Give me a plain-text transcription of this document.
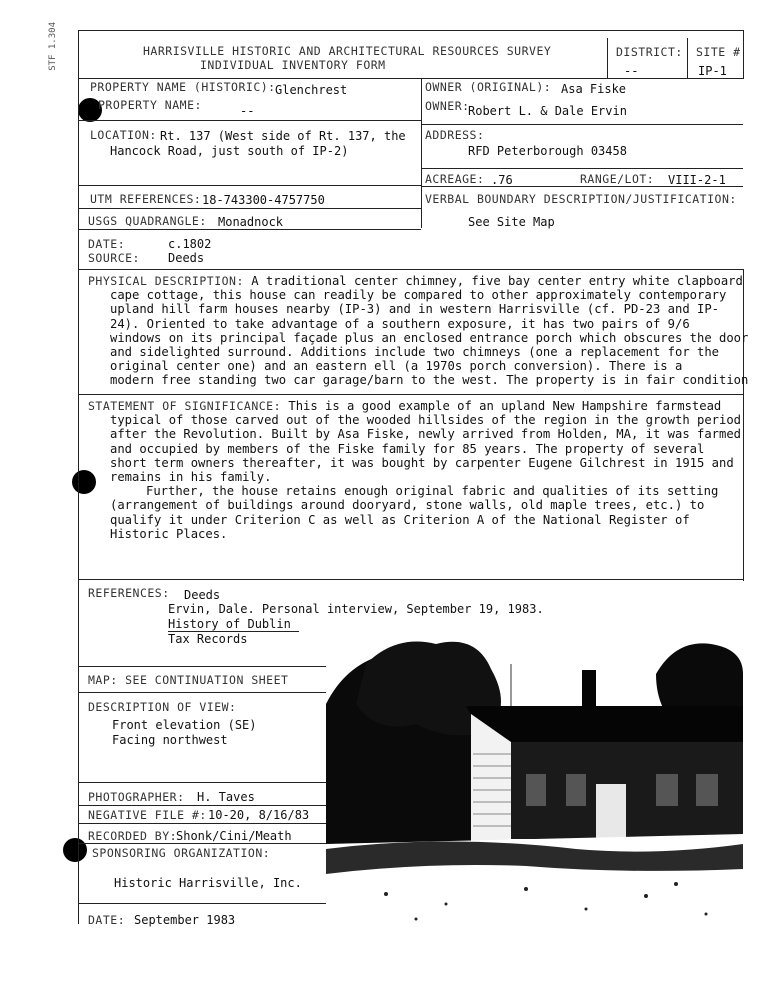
STF 1.304	HARRISVILLE HISTORIC AND ARCHITECTURAL RESOURCES SURVEY
INDIVIDUAL INVENTORY FORM
DISTRICT:
--
SITE #
IP-1
PROPERTY NAME (HISTORIC): Glenchrest
PROPERTY NAME:	--
OWNER (ORIGINAL): Asa Fiske
OWNER:
Robert L. & Dale Ervin
LOCATION: Rt. 137 (West side of Rt. 137, the
Hancock Road, just south of IP-2)
ADDRESS:
RFD Peterborough 03458
ACREAGE: .76	RANGE/LOT: VIII-2-1
UTM REFERENCES: 18-743300-4757750	VERBAL BOUNDARY DESCRIPTION/JUSTIFICATION:
See Site Map
USGS QUADRANGLE: Monadnock
DATE:	c.1802
SOURCE: Deeds
PHYSICAL DESCRIPTION: A traditional center chimney, five bay center entry white clapboard
cape cottage, this house can readily be compared to other approximately contemporary
upland hill farm houses nearby (IP-3) and in western Harrisville (cf. PD-23 and IP-
24). Oriented to take advantage of a southern exposure, it has two pairs of 9/6
windows on its principal façade plus an enclosed entrance porch which obscures the door
and sidelighted surround. Additions include two chimneys (one a replacement for the
original center one) and an eastern ell (a 1970s porch conversion). There is a
modern free standing two car garage/barn to the west. The property is in fair condition
STATEMENT OF SIGNIFICANCE: This is a good example of an upland New Hampshire farmstead
typical of those carved out of the wooded hillsides of the region in the growth period
after the Revolution. Built by Asa Fiske, newly arrived from Holden, MA, it was farmed
and occupied by members of the Fiske family for 85 years. The property of several
short term owners thereafter, it was bought by carpenter Eugene Gilchrest in 1915 and
remains in his family.
Further, the house retains enough original fabric and qualities of its setting
(arrangement of buildings around dooryard, stone walls, old maple trees, etc.) to
qualify it under Criterion C as well as Criterion A of the National Register of
Historic Places.
REFERENCES: Deeds
Ervin, Dale. Personal interview, September 19, 1983.
History of Dublin
Tax Records
MAP: SEE CONTINUATION SHEET
DESCRIPTION OF VIEW:
Front elevation (SE)
Facing northwest
PHOTOGRAPHER: H. Taves
NEGATIVE FILE #: 10-20, 8/16/83
RECORDED BY:
Shonk/Cini/Meath
SPONSORING ORGANIZATION:
Historic Harrisville, Inc.
DATE: September 1983
